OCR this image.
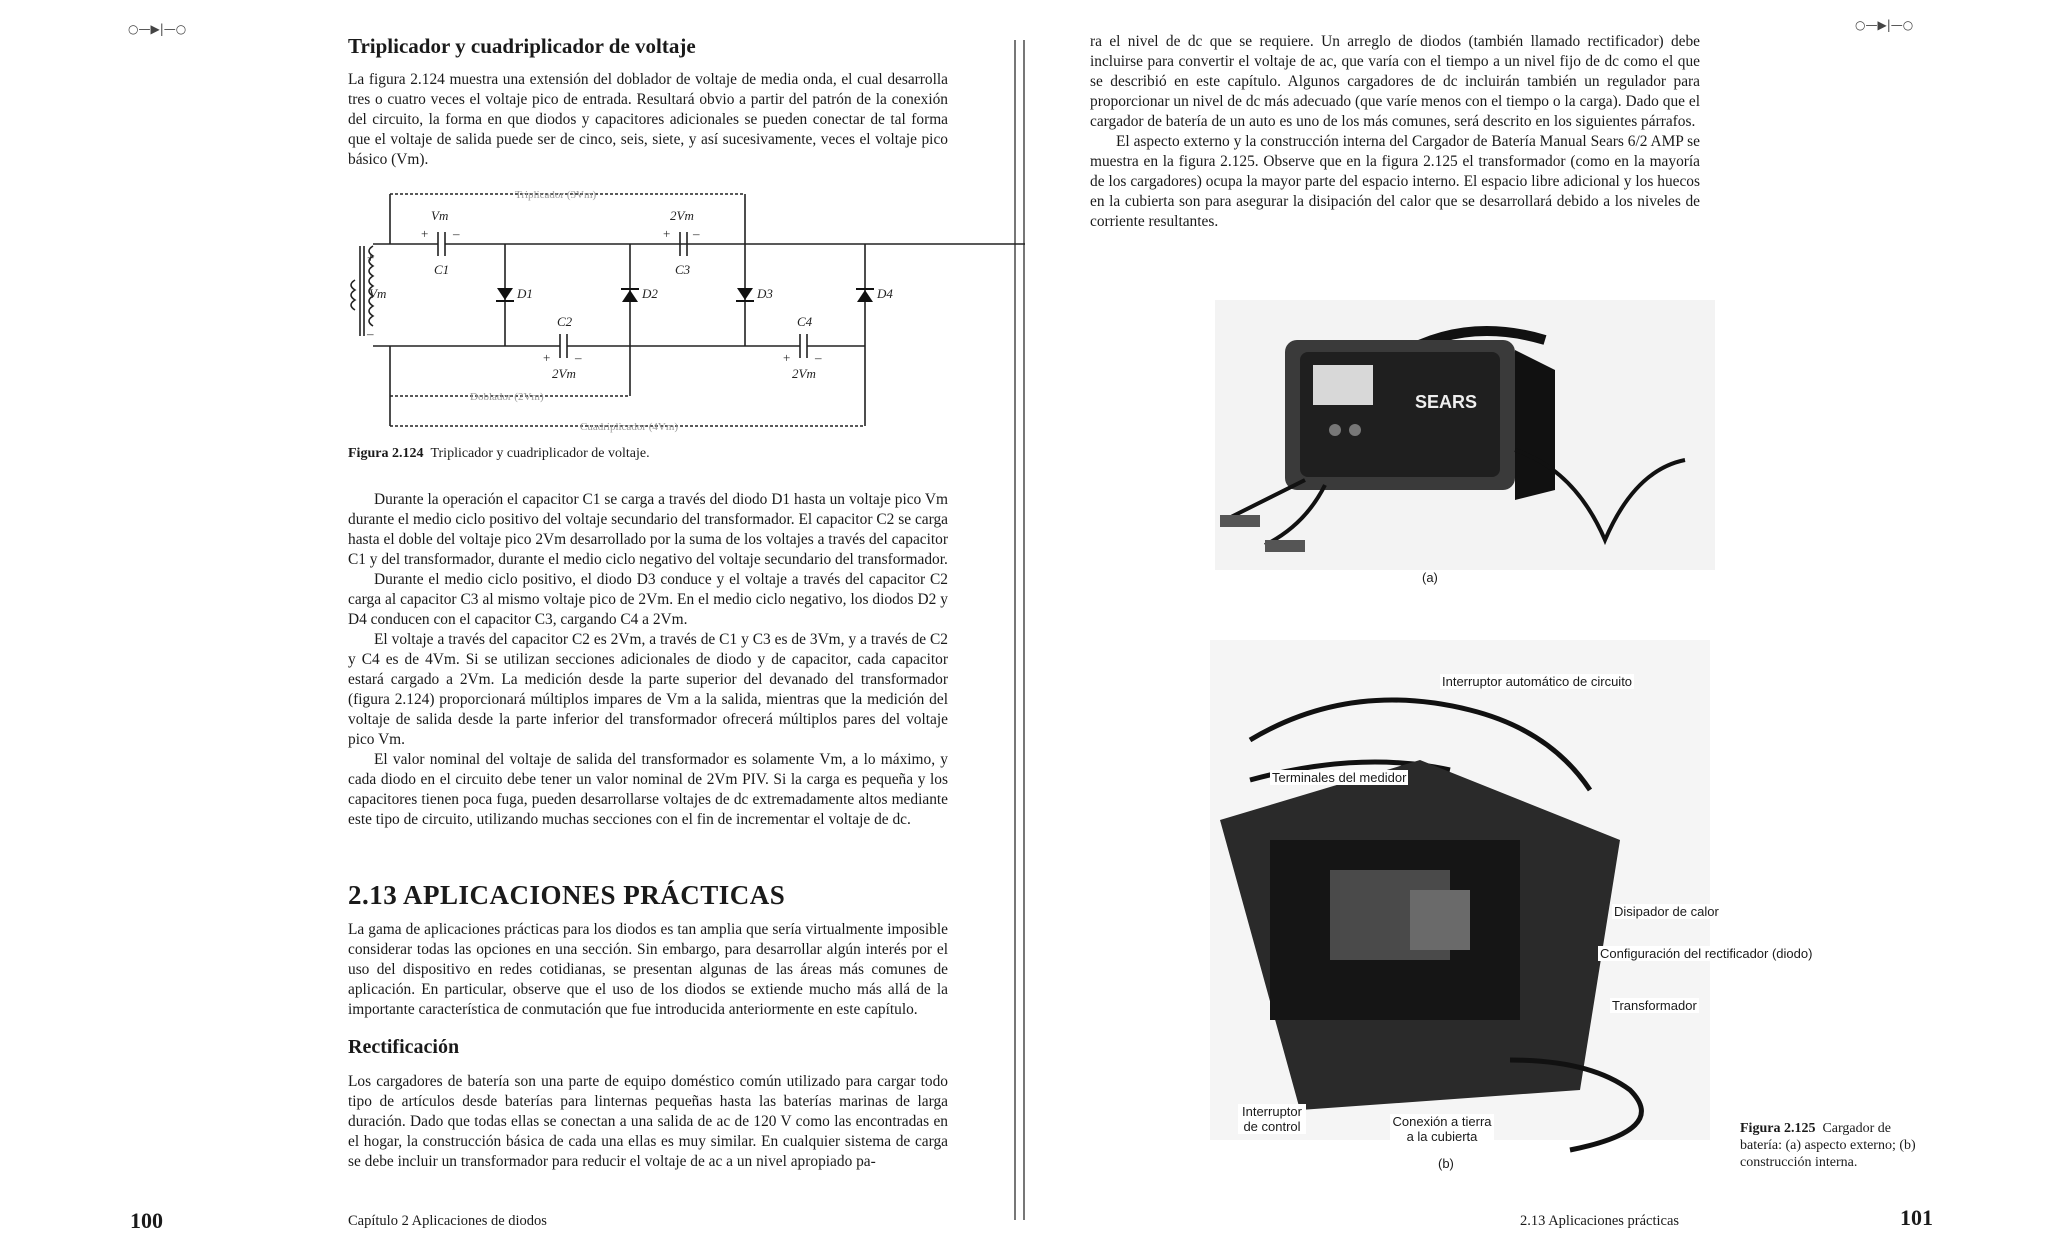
○—▶|—○	○—▶|—○
Triplicador y cuadriplicador de voltaje

La figura 2.124 muestra una extensión del doblador de voltaje de media onda, el cual desarrolla tres o cuatro veces el voltaje pico de entrada. Resultará obvio a partir del patrón de la conexión del circuito, la forma en que diodos y capacitores adicionales se pueden conectar de tal forma que el voltaje de salida puede ser de cinco, seis, siete, y así sucesivamente, veces el voltaje pico básico (Vm).

Vm
+ –
C1
2Vm
+ –
C3
D1	D2	D3	D4
Vm
+
–
C2	C4
+ –	+ –
2Vm	2Vm
Triplicador (3Vm)
Doblador (2Vm)
Cuadriplicador (4Vm)
Figura 2.124 Triplicador y cuadriplicador de voltaje.

Durante la operación el capacitor C1 se carga a través del diodo D1 hasta un voltaje pico Vm durante el medio ciclo positivo del voltaje secundario del transformador. El capacitor C2 se carga hasta el doble del voltaje pico 2Vm desarrollado por la suma de los voltajes a través del capacitor C1 y del transformador, durante el medio ciclo negativo del voltaje secundario del transformador.

Durante el medio ciclo positivo, el diodo D3 conduce y el voltaje a través del capacitor C2 carga al capacitor C3 al mismo voltaje pico de 2Vm. En el medio ciclo negativo, los diodos D2 y D4 conducen con el capacitor C3, cargando C4 a 2Vm.

El voltaje a través del capacitor C2 es 2Vm, a través de C1 y C3 es de 3Vm, y a través de C2 y C4 es de 4Vm. Si se utilizan secciones adicionales de diodo y de capacitor, cada capacitor estará cargado a 2Vm. La medición desde la parte superior del devanado del transformador (figura 2.124) proporcionará múltiplos impares de Vm a la salida, mientras que la medición del voltaje de salida desde la parte inferior del transformador ofrecerá múltiplos pares del voltaje pico Vm.

El valor nominal del voltaje de salida del transformador es solamente Vm, a lo máximo, y cada diodo en el circuito debe tener un valor nominal de 2Vm PIV. Si la carga es pequeña y los capacitores tienen poca fuga, pueden desarrollarse voltajes de dc extremadamente altos mediante este tipo de circuito, utilizando muchas secciones con el fin de incrementar el voltaje de dc.

2.13 APLICACIONES PRÁCTICAS

La gama de aplicaciones prácticas para los diodos es tan amplia que sería virtualmente imposible considerar todas las opciones en una sección. Sin embargo, para desarrollar algún interés por el uso del dispositivo en redes cotidianas, se presentan algunas de las áreas más comunes de aplicación. En particular, observe que el uso de los diodos se extiende mucho más allá de la importante característica de conmutación que fue introducida anteriormente en este capítulo.

Rectificación

Los cargadores de batería son una parte de equipo doméstico común utilizado para cargar todo tipo de artículos desde baterías para linternas pequeñas hasta las baterías marinas de larga duración. Dado que todas ellas se conectan a una salida de ac de 120 V como las encontradas en el hogar, la construcción básica de cada una ellas es muy similar. En cualquier sistema de carga se debe incluir un transformador para reducir el voltaje de ac a un nivel apropiado pa-

100	Capítulo 2 Aplicaciones de diodos

ra el nivel de dc que se requiere. Un arreglo de diodos (también llamado rectificador) debe incluirse para convertir el voltaje de ac, que varía con el tiempo a un nivel fijo de dc como el que se describió en este capítulo. Algunos cargadores de dc incluirán también un regulador para proporcionar un nivel de dc más adecuado (que varíe menos con el tiempo o la carga). Dado que el cargador de batería de un auto es uno de los más comunes, será descrito en los siguientes párrafos.

El aspecto externo y la construcción interna del Cargador de Batería Manual Sears 6/2 AMP se muestra en la figura 2.125. Observe que en la figura 2.125 el transformador (como en la mayoría de los cargadores) ocupa la mayor parte del espacio interno. El espacio libre adicional y los huecos en la cubierta son para asegurar la disipación del calor que se desarrollará debido a los niveles de corriente resultantes.

SEARS
(a)
Interruptor automático de circuito
Terminales del medidor
Disipador de calor
Configuración del rectificador (diodo)
Transformador
Interruptor de control	Conexión a tierra a la cubierta
(b)
Figura 2.125 Cargador de batería: (a) aspecto externo; (b) construcción interna.
2.13 Aplicaciones prácticas	101
